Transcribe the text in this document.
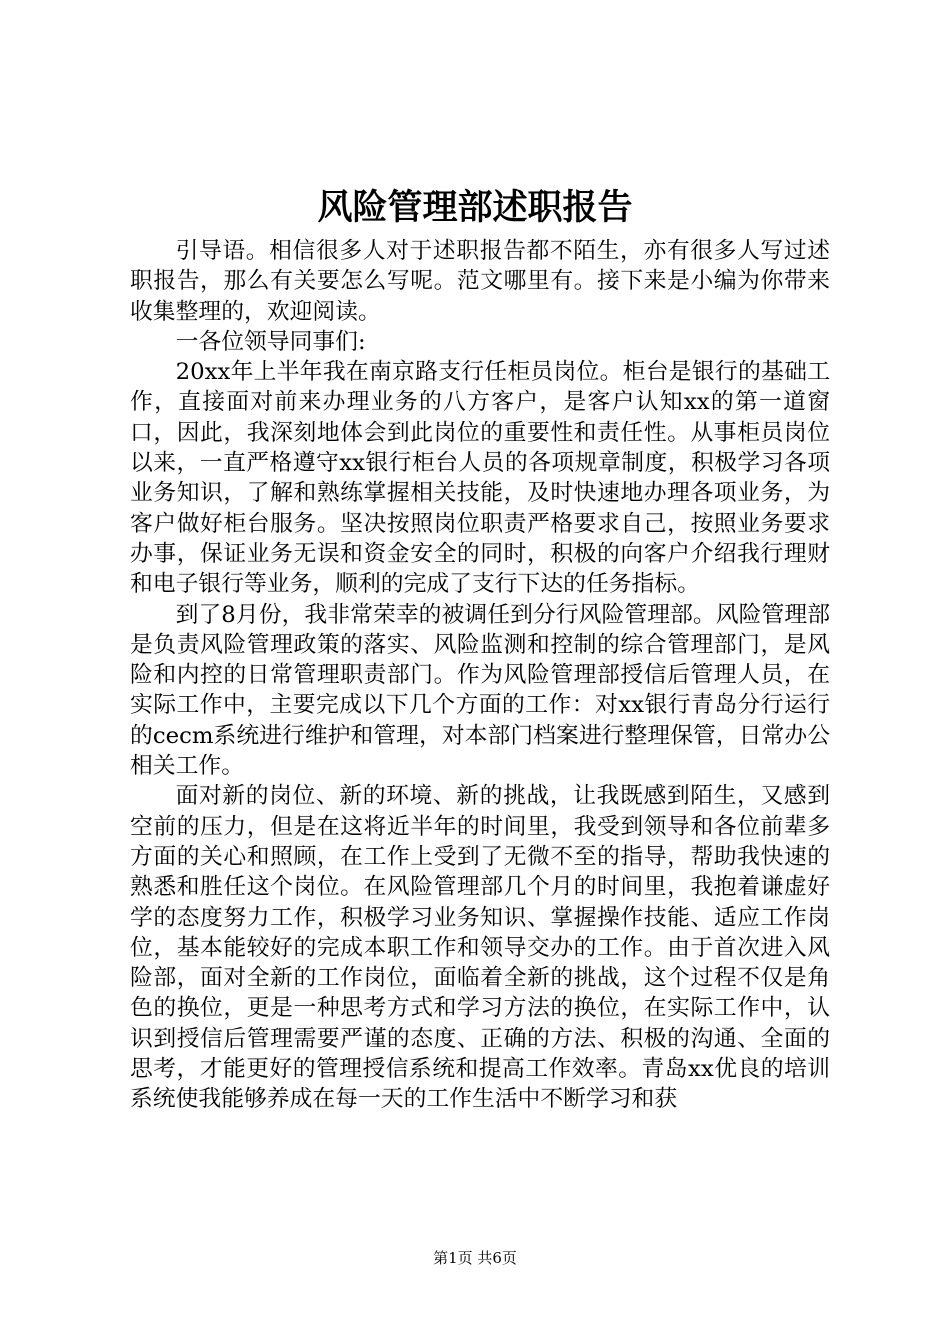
风险管理部述职报告

引导语。相信很多人对于述职报告都不陌生，亦有很多人写过述职报告，那么有关要怎么写呢。范文哪里有。接下来是小编为你带来收集整理的，欢迎阅读。

一各位领导同事们:

20xx年上半年我在南京路支行任柜员岗位。柜台是银行的基础工作，直接面对前来办理业务的八方客户，是客户认知xx的第一道窗口，因此，我深刻地体会到此岗位的重要性和责任性。从事柜员岗位以来，一直严格遵守xx银行柜台人员的各项规章制度，积极学习各项业务知识，了解和熟练掌握相关技能，及时快速地办理各项业务，为客户做好柜台服务。坚决按照岗位职责严格要求自己，按照业务要求办事，保证业务无误和资金安全的同时，积极的向客户介绍我行理财和电子银行等业务，顺利的完成了支行下达的任务指标。

到了8月份，我非常荣幸的被调任到分行风险管理部。风险管理部是负责风险管理政策的落实、风险监测和控制的综合管理部门，是风险和内控的日常管理职责部门。作为风险管理部授信后管理人员，在实际工作中，主要完成以下几个方面的工作：对xx银行青岛分行运行的cecm系统进行维护和管理，对本部门档案进行整理保管，日常办公相关工作。

面对新的岗位、新的环境、新的挑战，让我既感到陌生，又感到空前的压力，但是在这将近半年的时间里，我受到领导和各位前辈多方面的关心和照顾，在工作上受到了无微不至的指导，帮助我快速的熟悉和胜任这个岗位。在风险管理部几个月的时间里，我抱着谦虚好学的态度努力工作，积极学习业务知识、掌握操作技能、适应工作岗位，基本能较好的完成本职工作和领导交办的工作。由于首次进入风险部，面对全新的工作岗位，面临着全新的挑战，这个过程不仅是角色的换位，更是一种思考方式和学习方法的换位，在实际工作中，认识到授信后管理需要严谨的态度、正确的方法、积极的沟通、全面的思考，才能更好的管理授信系统和提高工作效率。青岛xx优良的培训系统使我能够养成在每一天的工作生活中不断学习和获

第1页 共6页
